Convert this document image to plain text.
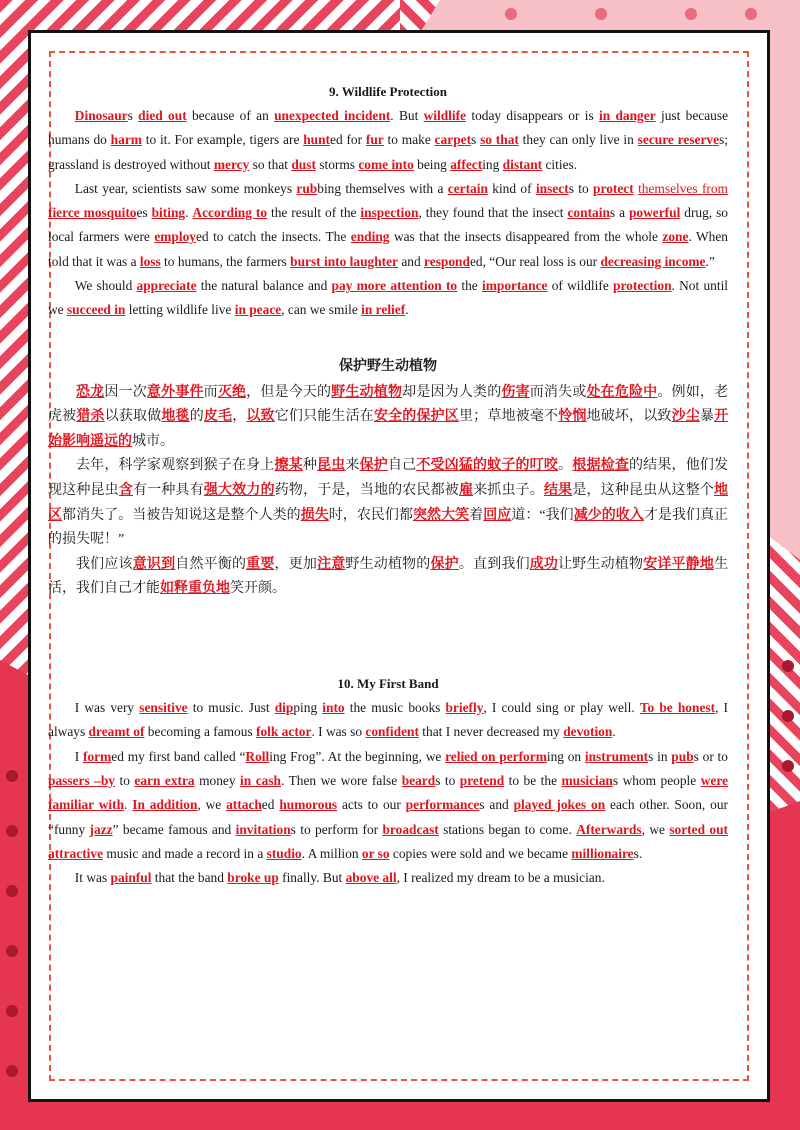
9. Wildlife Protection

Dinosaurs died out because of an unexpected incident. But wildlife today disappears or is in danger just because humans do harm to it. For example, tigers are hunted for fur to make carpets so that they can only live in secure reserves; grassland is destroyed without mercy so that dust storms come into being affecting distant cities.

Last year, scientists saw some monkeys rubbing themselves with a certain kind of insects to protect themselves from fierce mosquitoes biting. According to the result of the inspection, they found that the insect contains a powerful drug, so local farmers were employed to catch the insects. The ending was that the insects disappeared from the whole zone. When told that it was a loss to humans, the farmers burst into laughter and responded, “Our real loss is our decreasing income.”

We should appreciate the natural balance and pay more attention to the importance of wildlife protection. Not until we succeed in letting wildlife live in peace, can we smile in relief.

保护野生动植物

恐龙因一次意外事件而灭绝，但是今天的野生动植物却是因为人类的伤害而消失或处在危险中。例如，老虎被猎杀以获取做地毯的皮毛，以致它们只能生活在安全的保护区里；草地被毫不怜悯地破坏，以致沙尘暴开始影响遥远的城市。

去年，科学家观察到猴子在身上擦某种昆虫来保护自己不受凶猛的蚊子的叮咬。根据检查的结果，他们发现这种昆虫含有一种具有强大效力的药物，于是，当地的农民都被雇来抓虫子。结果是，这种昆虫从这整个地区都消失了。当被告知说这是整个人类的损失时，农民们都突然大笑着回应道：“我们减少的收入才是我们真正的损失呢！”

我们应该意识到自然平衡的重要，更加注意野生动植物的保护。直到我们成功让野生动植物安详平静地生活，我们自己才能如释重负地笑开颜。

10. My First Band

I was very sensitive to music. Just dipping into the music books briefly, I could sing or play well. To be honest, I always dreamt of becoming a famous folk actor. I was so confident that I never decreased my devotion.

I formed my first band called “Rolling Frog”. At the beginning, we relied on performing on instruments in pubs or to passers –by to earn extra money in cash. Then we wore false beards to pretend to be the musicians whom people were familiar with. In addition, we attached humorous acts to our performances and played jokes on each other. Soon, our “funny jazz” became famous and invitations to perform for broadcast stations began to come. Afterwards, we sorted out attractive music and made a record in a studio. A million or so copies were sold and we became millionaires.

It was painful that the band broke up finally. But above all, I realized my dream to be a musician.
